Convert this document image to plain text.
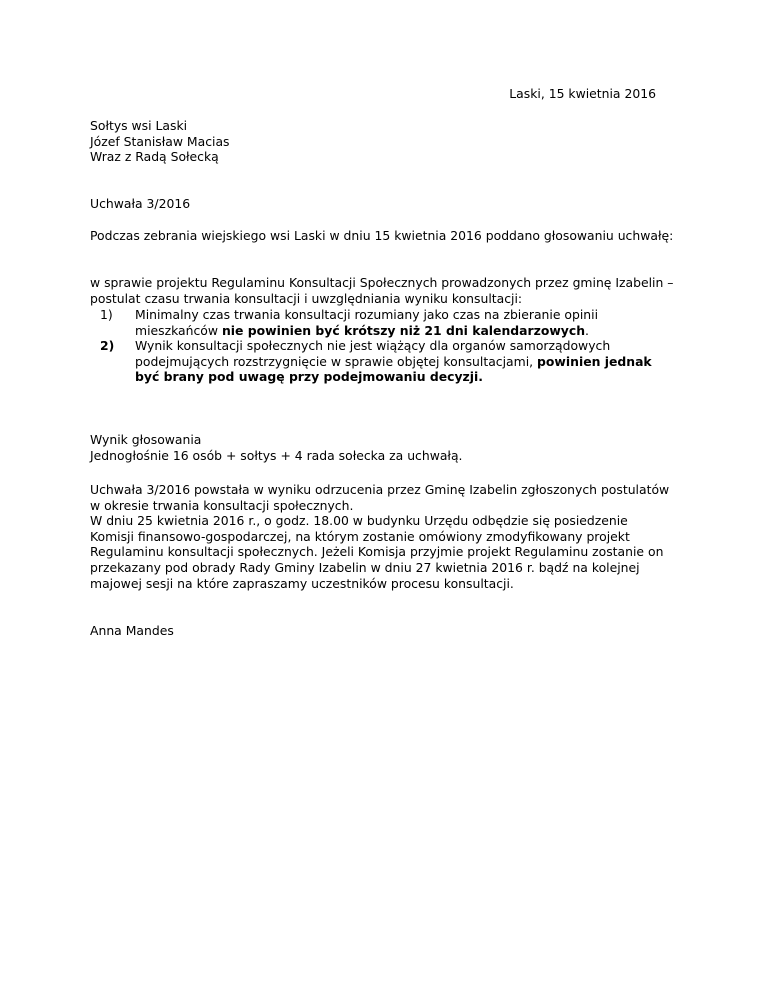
Laski, 15 kwietnia 2016
Sołtys wsi Laski
Józef Stanisław Macias
Wraz z Radą Sołecką
Uchwała 3/2016
Podczas zebrania wiejskiego wsi Laski w dniu 15 kwietnia 2016 poddano głosowaniu uchwałę:
w sprawie projektu Regulaminu Konsultacji Społecznych prowadzonych przez gminę Izabelin –
postulat czasu trwania konsultacji i uwzględniania wyniku konsultacji:
1) Minimalny czas trwania konsultacji rozumiany jako czas na zbieranie opinii
mieszkańców nie powinien być krótszy niż 21 dni kalendarzowych.
2) Wynik konsultacji społecznych nie jest wiążący dla organów samorządowych
podejmujących rozstrzygnięcie w sprawie objętej konsultacjami, powinien jednak
być brany pod uwagę przy podejmowaniu decyzji.
Wynik głosowania
Jednogłośnie 16 osób + sołtys + 4 rada sołecka za uchwałą.
Uchwała 3/2016 powstała w wyniku odrzucenia przez Gminę Izabelin zgłoszonych postulatów
w okresie trwania konsultacji społecznych.
W dniu 25 kwietnia 2016 r., o godz. 18.00 w budynku Urzędu odbędzie się posiedzenie
Komisji finansowo-gospodarczej, na którym zostanie omówiony zmodyfikowany projekt
Regulaminu konsultacji społecznych. Jeżeli Komisja przyjmie projekt Regulaminu zostanie on
przekazany pod obrady Rady Gminy Izabelin w dniu 27 kwietnia 2016 r. bądź na kolejnej
majowej sesji na które zapraszamy uczestników procesu konsultacji.
Anna Mandes
